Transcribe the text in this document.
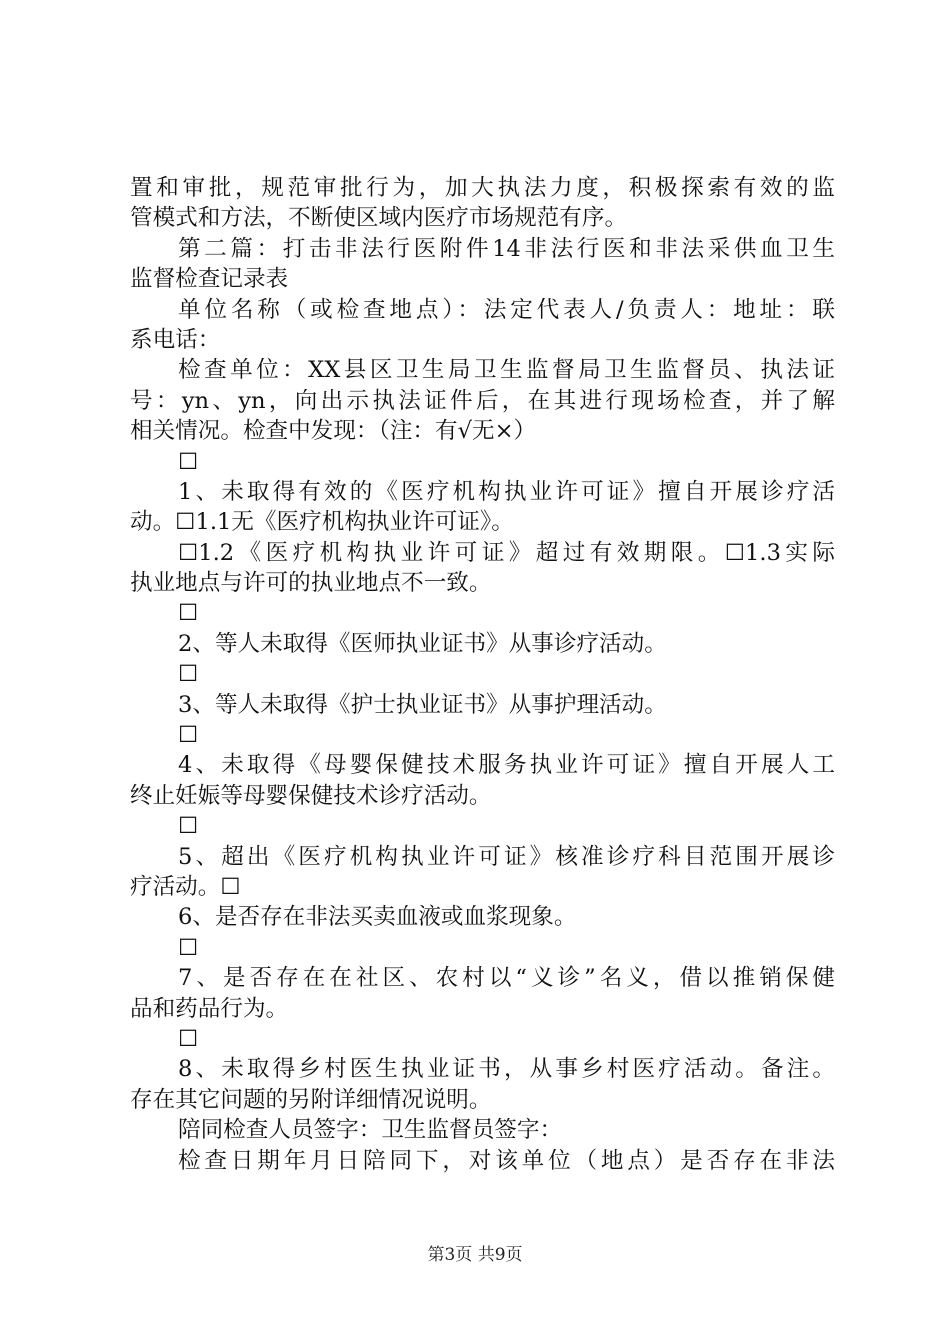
置和审批，规范审批行为，加大执法力度，积极探索有效的监
管模式和方法，不断使区域内医疗市场规范有序。
第二篇：打击非法行医附件14非法行医和非法采供血卫生
监督检查记录表
单位名称（或检查地点）：法定代表人/负责人：地址：联
系电话：
检查单位：XX县区卫生局卫生监督局卫生监督员、执法证
号：yn、yn，向出示执法证件后，在其进行现场检查，并了解
相关情况。检查中发现：（注：有√无×）
☐
1、未取得有效的《医疗机构执业许可证》擅自开展诊疗活
动。☐1.1无《医疗机构执业许可证》。
☐1.2《医疗机构执业许可证》超过有效期限。☐1.3实际
执业地点与许可的执业地点不一致。
☐
2、等人未取得《医师执业证书》从事诊疗活动。
☐
3、等人未取得《护士执业证书》从事护理活动。
☐
4、未取得《母婴保健技术服务执业许可证》擅自开展人工
终止妊娠等母婴保健技术诊疗活动。
☐
5、超出《医疗机构执业许可证》核准诊疗科目范围开展诊
疗活动。☐
6、是否存在非法买卖血液或血浆现象。
☐
7、是否存在在社区、农村以“义诊”名义，借以推销保健
品和药品行为。
☐
8、未取得乡村医生执业证书，从事乡村医疗活动。备注。
存在其它问题的另附详细情况说明。
陪同检查人员签字：卫生监督员签字：
检查日期年月日陪同下，对该单位（地点）是否存在非法
第3页 共9页
